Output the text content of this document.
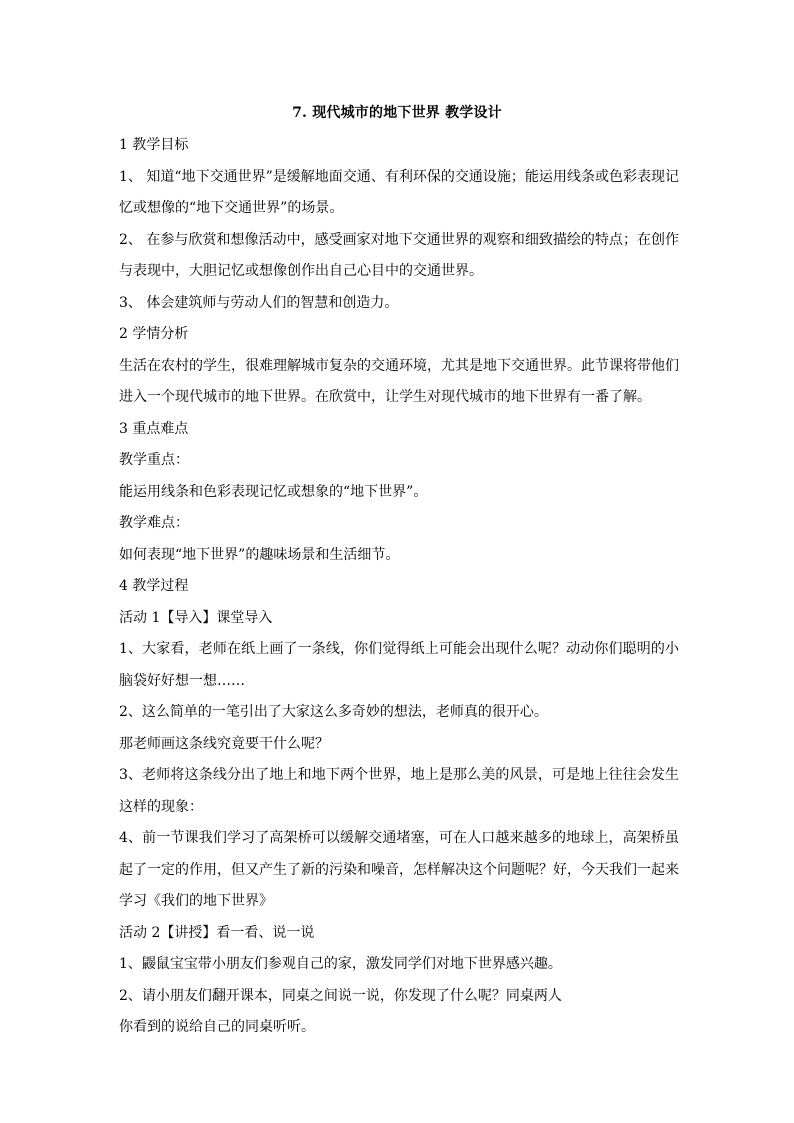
7. 现代城市的地下世界 教学设计
1 教学目标
1、 知道“地下交通世界”是缓解地面交通、有利环保的交通设施；能运用线条或色彩表现记
忆或想像的“地下交通世界”的场景。
2、 在参与欣赏和想像活动中，感受画家对地下交通世界的观察和细致描绘的特点；在创作
与表现中，大胆记忆或想像创作出自己心目中的交通世界。
3、 体会建筑师与劳动人们的智慧和创造力。
2 学情分析
生活在农村的学生，很难理解城市复杂的交通环境，尤其是地下交通世界。此节课将带他们
进入一个现代城市的地下世界。在欣赏中，让学生对现代城市的地下世界有一番了解。
3 重点难点
教学重点：
能运用线条和色彩表现记忆或想象的“地下世界”。
教学难点：
如何表现“地下世界”的趣味场景和生活细节。
4 教学过程
活动 1【导入】课堂导入
1、大家看，老师在纸上画了一条线，你们觉得纸上可能会出现什么呢？动动你们聪明的小
脑袋好好想一想……
2、这么简单的一笔引出了大家这么多奇妙的想法，老师真的很开心。
那老师画这条线究竟要干什么呢？
3、老师将这条线分出了地上和地下两个世界，地上是那么美的风景，可是地上往往会发生
这样的现象：
4、前一节课我们学习了高架桥可以缓解交通堵塞，可在人口越来越多的地球上，高架桥虽
起了一定的作用，但又产生了新的污染和噪音，怎样解决这个问题呢？好，今天我们一起来
学习《我们的地下世界》
活动 2【讲授】看一看、说一说
1、鼹鼠宝宝带小朋友们参观自己的家，激发同学们对地下世界感兴趣。
2、请小朋友们翻开课本，同桌之间说一说，你发现了什么呢？同桌两人
你看到的说给自己的同桌听听。
